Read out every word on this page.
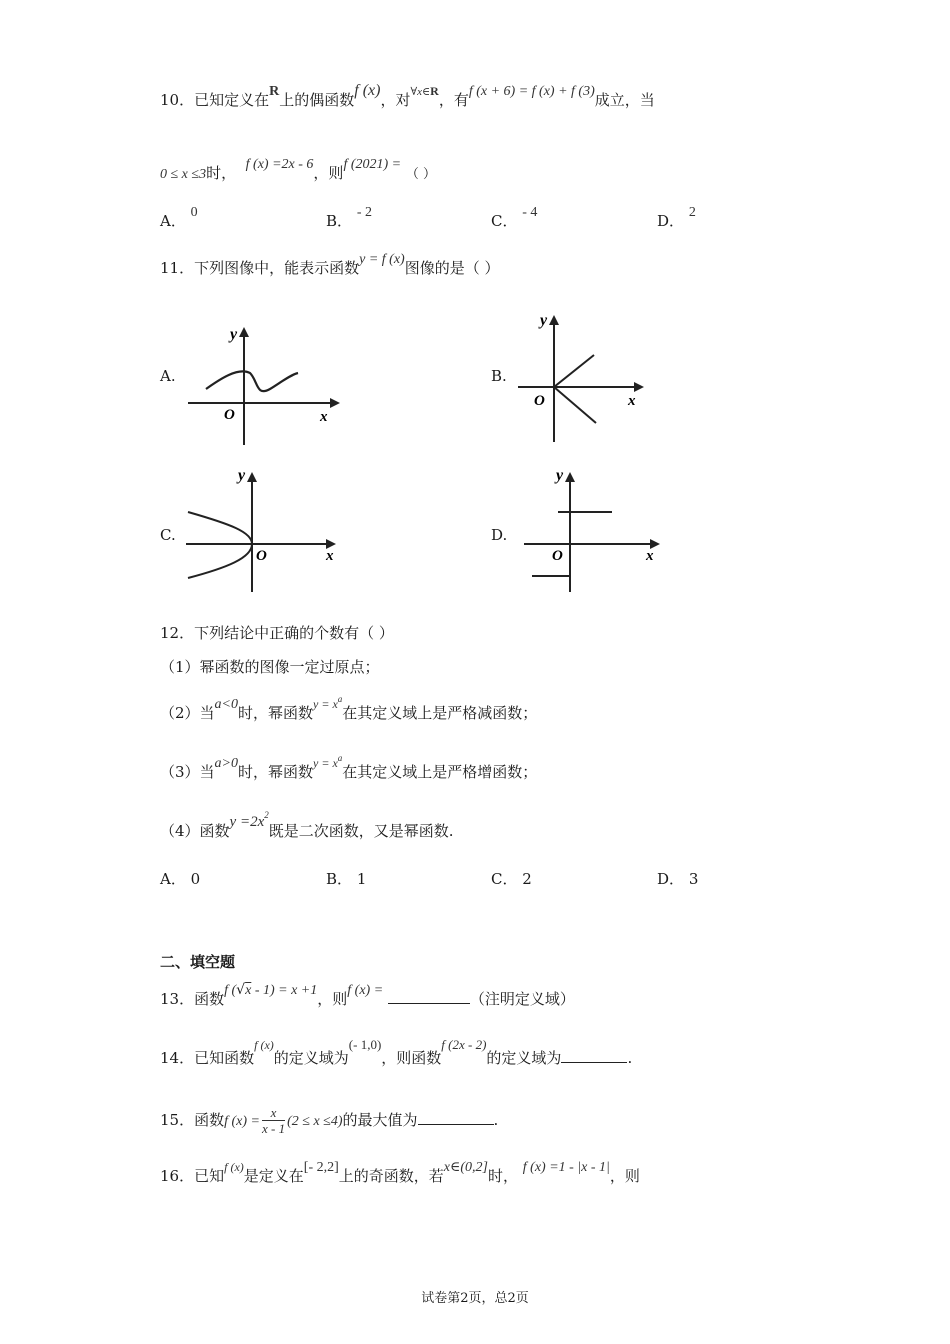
10．已知定义在R上的偶函数f (x)，对$^{\forall x\in R}$，有f (x + 6) = f (x) + f (3)成立，当
0 ≤ x ≤3时， f (x) =2x - 6，则f (2021) = （ ）
A． 0	B． - 2	C． - 4	D． 2
11．下列图像中，能表示函数y = f (x)图像的是（ ）
A.
y
x
O
B.
y
x
O
C.
y
x
O
D.
y
x
O
12．下列结论中正确的个数有（ ）
（1）幂函数的图像一定过原点；
（2）当a<0时，幂函数$^{y = xa}$在其定义域上是严格减函数；
（3）当a>0时，幂函数$^{y = xa}$在其定义域上是严格增函数；
（4）函数$y =2x^2$既是二次函数，又是幂函数.
A． 0	B． 1	C． 2	D． 3
二、填空题
13．函数f (√x - 1) = x +1，则f (x) =	（注明定义域）
14．已知函数$^{f (x)}$的定义域为(- 1,0)，则函数f (2x - 2)的定义域为	.
15．函数f $(x) = \frac{x}{x - 1} (2 \le x \le 4)$的最大值为	.
16．已知$^{f (x)}$是定义在[- 2,2]上的奇函数，若x∈(0,2]时， f (x) =1 - |x - 1|，则
试卷第2页，总2页
